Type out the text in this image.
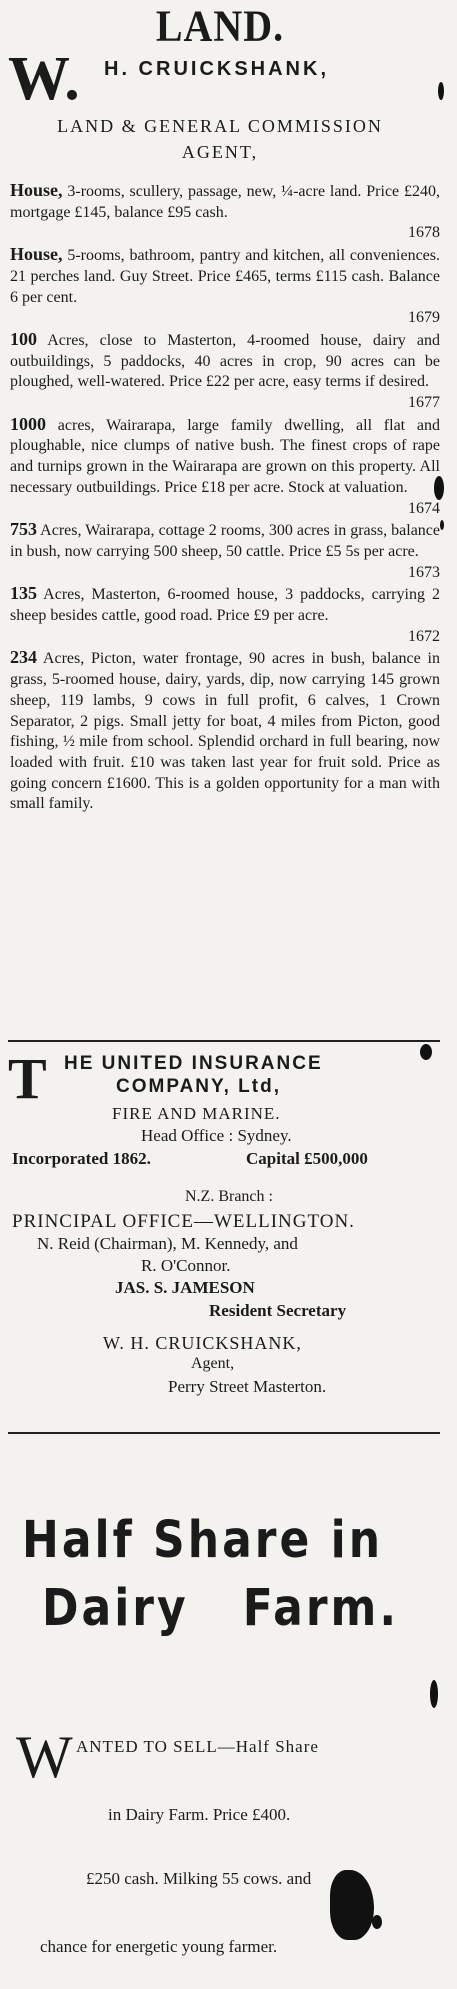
LAND.
W. H. CRUICKSHANK,
LAND & GENERAL COMMISSION
AGENT,

House, 3-rooms, scullery, passage, new, ¼-acre land. Price £240, mortgage £145, balance £95 cash.

1678

House, 5-rooms, bathroom, pantry and kitchen, all conveniences. 21 perches land. Guy Street. Price £465, terms £115 cash. Balance 6 per cent.

1679

100 Acres, close to Masterton, 4-roomed house, dairy and outbuildings, 5 paddocks, 40 acres in crop, 90 acres can be ploughed, well-watered. Price £22 per acre, easy terms if desired.

1677

1000 acres, Wairarapa, large family dwelling, all flat and ploughable, nice clumps of native bush. The finest crops of rape and turnips grown in the Wairarapa are grown on this property. All necessary outbuildings. Price £18 per acre. Stock at valuation.

1674

753 Acres, Wairarapa, cottage 2 rooms, 300 acres in grass, balance in bush, now carrying 500 sheep, 50 cattle. Price £5 5s per acre.

1673

135 Acres, Masterton, 6-roomed house, 3 paddocks, carrying 2 sheep besides cattle, good road. Price £9 per acre.

1672

234 Acres, Picton, water frontage, 90 acres in bush, balance in grass, 5-roomed house, dairy, yards, dip, now carrying 145 grown sheep, 119 lambs, 9 cows in full profit, 6 calves, 1 Crown Separator, 2 pigs. Small jetty for boat, 4 miles from Picton, good fishing, ½ mile from school. Splendid orchard in full bearing, now loaded with fruit. £10 was taken last year for fruit sold. Price as going concern £1600. This is a golden opportunity for a man with small family.

T HE UNITED INSURANCE
COMPANY, Ltd,
FIRE AND MARINE.
Head Office : Sydney.
Incorporated 1862.	Capital £500,000
N.Z. Branch :
PRINCIPAL OFFICE—WELLINGTON.
N. Reid (Chairman), M. Kennedy, and
R. O'Connor.
JAS. S. JAMESON
Resident Secretary
W. H. CRUICKSHANK,
Agent,
Perry Street Masterton.
Half Share in
Dairy Farm.
W ANTED TO SELL—Half Share
in Dairy Farm. Price £400.
£250 cash. Milking 55 cows. and
chance for energetic young farmer.
